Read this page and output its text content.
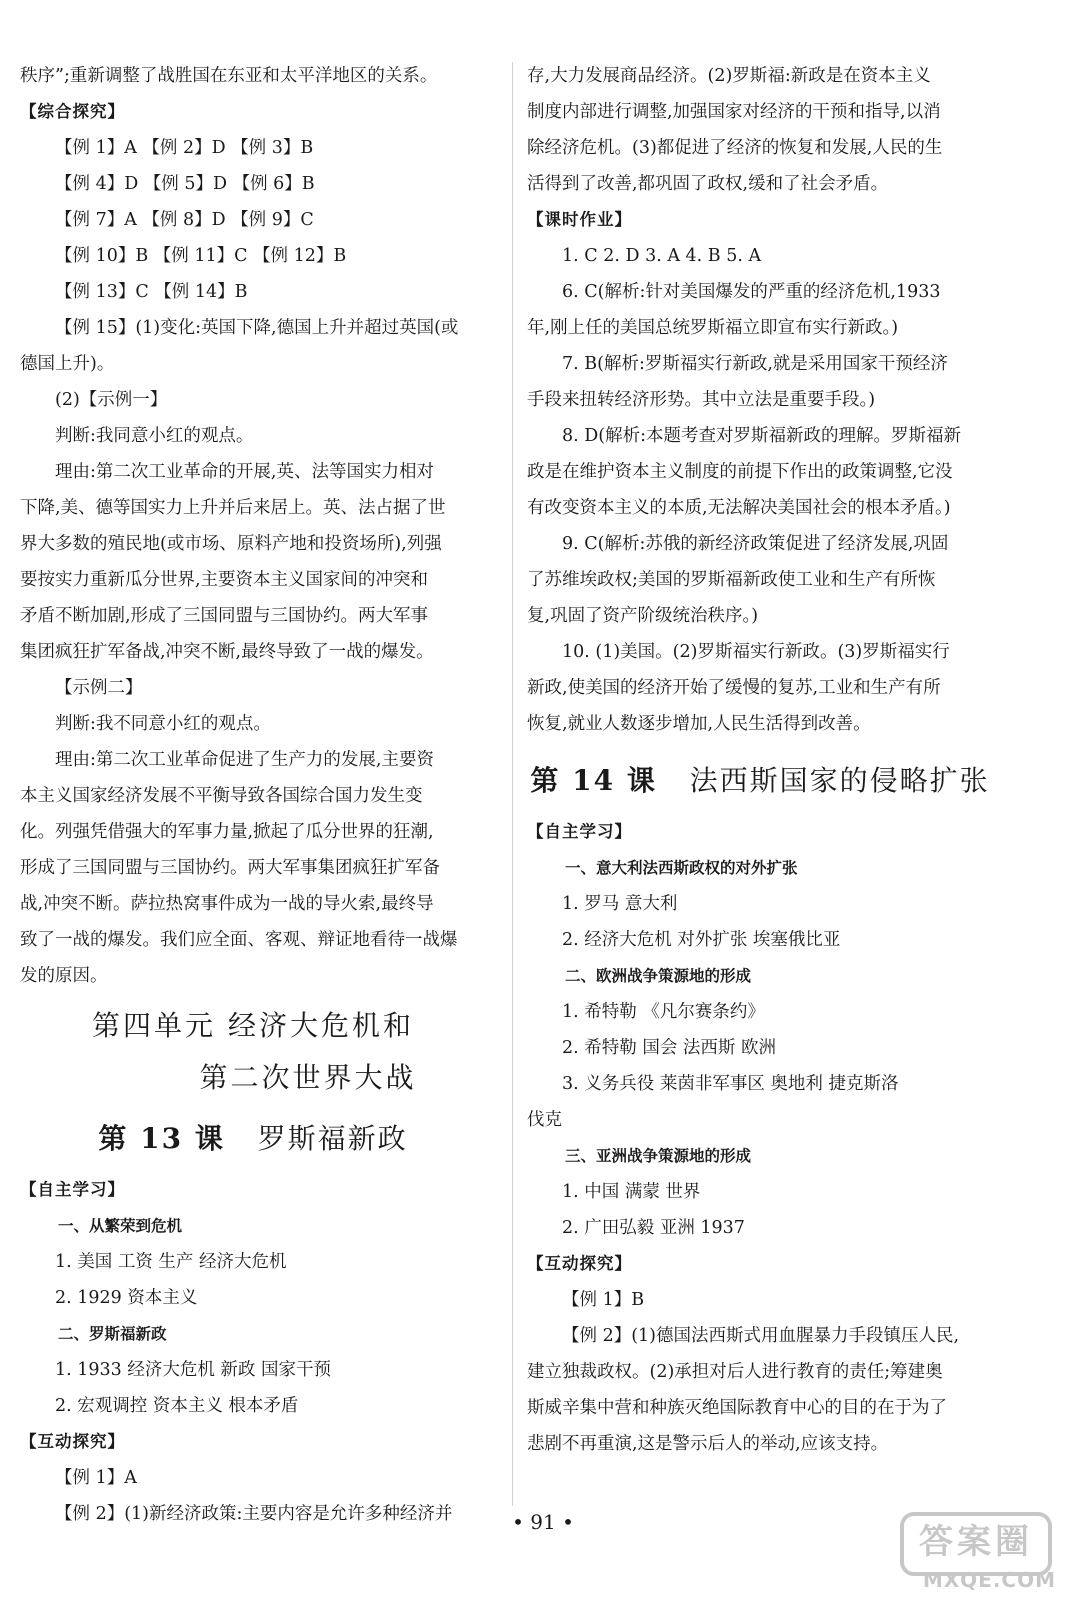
秩序”;重新调整了战胜国在东亚和太平洋地区的关系。
【综合探究】
【例 1】A 【例 2】D 【例 3】B
【例 4】D 【例 5】D 【例 6】B
【例 7】A 【例 8】D 【例 9】C
【例 10】B 【例 11】C 【例 12】B
【例 13】C 【例 14】B
【例 15】(1)变化:英国下降,德国上升并超过英国(或
德国上升)。
(2)【示例一】
判断:我同意小红的观点。
理由:第二次工业革命的开展,英、法等国实力相对
下降,美、德等国实力上升并后来居上。英、法占据了世
界大多数的殖民地(或市场、原料产地和投资场所),列强
要按实力重新瓜分世界,主要资本主义国家间的冲突和
矛盾不断加剧,形成了三国同盟与三国协约。两大军事
集团疯狂扩军备战,冲突不断,最终导致了一战的爆发。
【示例二】
判断:我不同意小红的观点。
理由:第二次工业革命促进了生产力的发展,主要资
本主义国家经济发展不平衡导致各国综合国力发生变
化。列强凭借强大的军事力量,掀起了瓜分世界的狂潮,
形成了三国同盟与三国协约。两大军事集团疯狂扩军备
战,冲突不断。萨拉热窝事件成为一战的导火索,最终导
致了一战的爆发。我们应全面、客观、辩证地看待一战爆
发的原因。
第四单元 经济大危机和
第二次世界大战
第 13 课 罗斯福新政
【自主学习】
一、从繁荣到危机
1. 美国 工资 生产 经济大危机
2. 1929 资本主义
二、罗斯福新政
1. 1933 经济大危机 新政 国家干预
2. 宏观调控 资本主义 根本矛盾
【互动探究】
【例 1】A
【例 2】(1)新经济政策:主要内容是允许多种经济并
存,大力发展商品经济。(2)罗斯福:新政是在资本主义
制度内部进行调整,加强国家对经济的干预和指导,以消
除经济危机。(3)都促进了经济的恢复和发展,人民的生
活得到了改善,都巩固了政权,缓和了社会矛盾。
【课时作业】
1. C 2. D 3. A 4. B 5. A
6. C(解析:针对美国爆发的严重的经济危机,1933
年,刚上任的美国总统罗斯福立即宣布实行新政。)
7. B(解析:罗斯福实行新政,就是采用国家干预经济
手段来扭转经济形势。其中立法是重要手段。)
8. D(解析:本题考查对罗斯福新政的理解。罗斯福新
政是在维护资本主义制度的前提下作出的政策调整,它没
有改变资本主义的本质,无法解决美国社会的根本矛盾。)
9. C(解析:苏俄的新经济政策促进了经济发展,巩固
了苏维埃政权;美国的罗斯福新政使工业和生产有所恢
复,巩固了资产阶级统治秩序。)
10. (1)美国。(2)罗斯福实行新政。(3)罗斯福实行
新政,使美国的经济开始了缓慢的复苏,工业和生产有所
恢复,就业人数逐步增加,人民生活得到改善。
第 14 课 法西斯国家的侵略扩张
【自主学习】
一、意大利法西斯政权的对外扩张
1. 罗马 意大利
2. 经济大危机 对外扩张 埃塞俄比亚
二、欧洲战争策源地的形成
1. 希特勒 《凡尔赛条约》
2. 希特勒 国会 法西斯 欧洲
3. 义务兵役 莱茵非军事区 奥地利 捷克斯洛
伐克
三、亚洲战争策源地的形成
1. 中国 满蒙 世界
2. 广田弘毅 亚洲 1937
【互动探究】
【例 1】B
【例 2】(1)德国法西斯式用血腥暴力手段镇压人民,
建立独裁政权。(2)承担对后人进行教育的责任;筹建奥
斯威辛集中营和种族灭绝国际教育中心的目的在于为了
悲剧不再重演,这是警示后人的举动,应该支持。
• 91 •	答案圈
MXQE.COM
